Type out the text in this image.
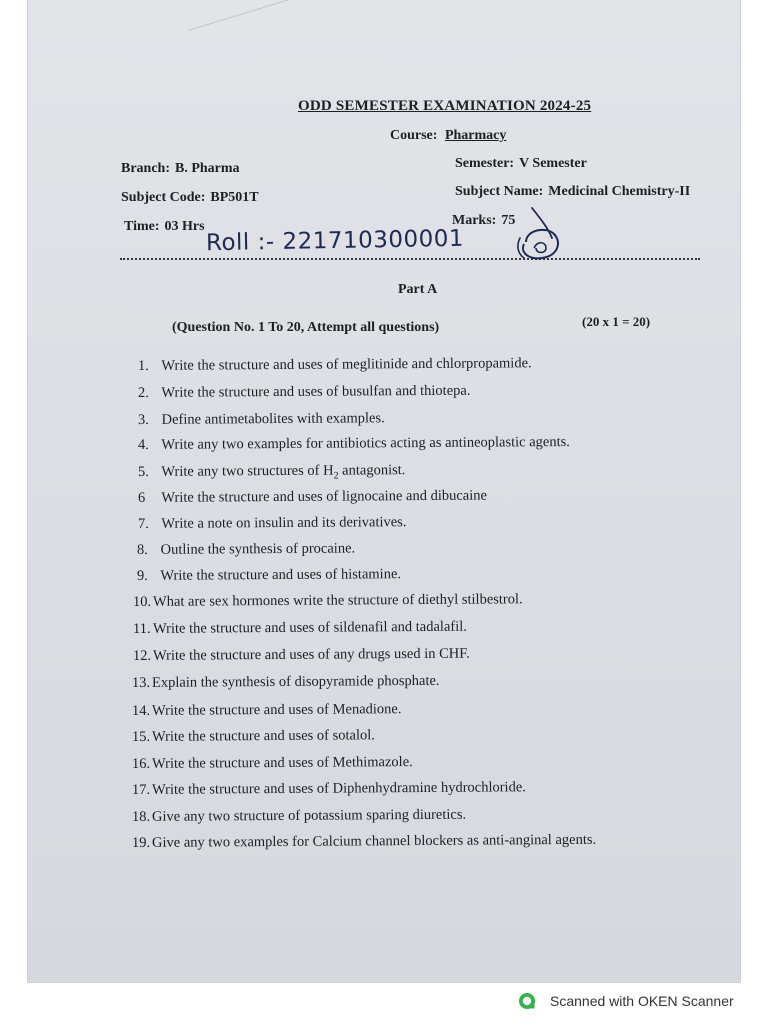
ODD SEMESTER EXAMINATION 2024-25
Course: Pharmacy
Branch: B. Pharma	Semester: V Semester
Subject Code: BP501T	Subject Name: Medicinal Chemistry-II
Time: 03 Hrs	Marks: 75
Roll :- 221710300001
Part A
(Question No. 1 To 20, Attempt all questions)	(20 x 1 = 20)
1. Write the structure and uses of meglitinide and chlorpropamide.
2. Write the structure and uses of busulfan and thiotepa.
3. Define antimetabolites with examples.
4. Write any two examples for antibiotics acting as antineoplastic agents.
5. Write any two structures of $H_2$ antagonist.
6 Write the structure and uses of lignocaine and dibucaine
7. Write a note on insulin and its derivatives.
8. Outline the synthesis of procaine.
9. Write the structure and uses of histamine.
10. What are sex hormones write the structure of diethyl stilbestrol.
11. Write the structure and uses of sildenafil and tadalafil.
12. Write the structure and uses of any drugs used in CHF.
13. Explain the synthesis of disopyramide phosphate.
14. Write the structure and uses of Menadione.
15. Write the structure and uses of sotalol.
16. Write the structure and uses of Methimazole.
17. Write the structure and uses of Diphenhydramine hydrochloride.
18. Give any two structure of potassium sparing diuretics.
19. Give any two examples for Calcium channel blockers as anti-anginal agents.
Scanned with OKEN Scanner
